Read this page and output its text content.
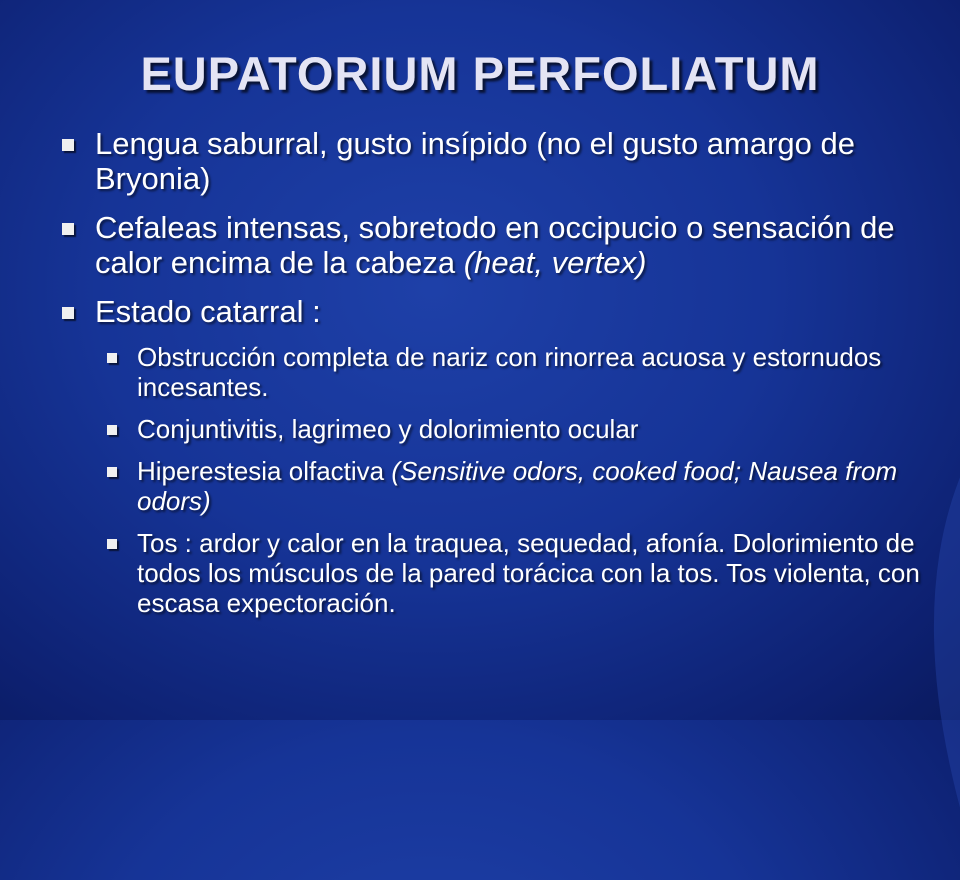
EUPATORIUM PERFOLIATUM
Lengua saburral, gusto insípido (no el gusto amargo de Bryonia)
Cefaleas intensas, sobretodo en occipucio o sensación de calor encima de la cabeza (heat, vertex)
Estado catarral :
Obstrucción completa de nariz con rinorrea acuosa y estornudos incesantes.
Conjuntivitis, lagrimeo y dolorimiento ocular
Hiperestesia olfactiva (Sensitive odors, cooked food; Nausea from odors)
Tos : ardor y calor en la traquea, sequedad, afonía. Dolorimiento de todos los músculos de la pared torácica con la tos. Tos violenta, con escasa expectoración.
